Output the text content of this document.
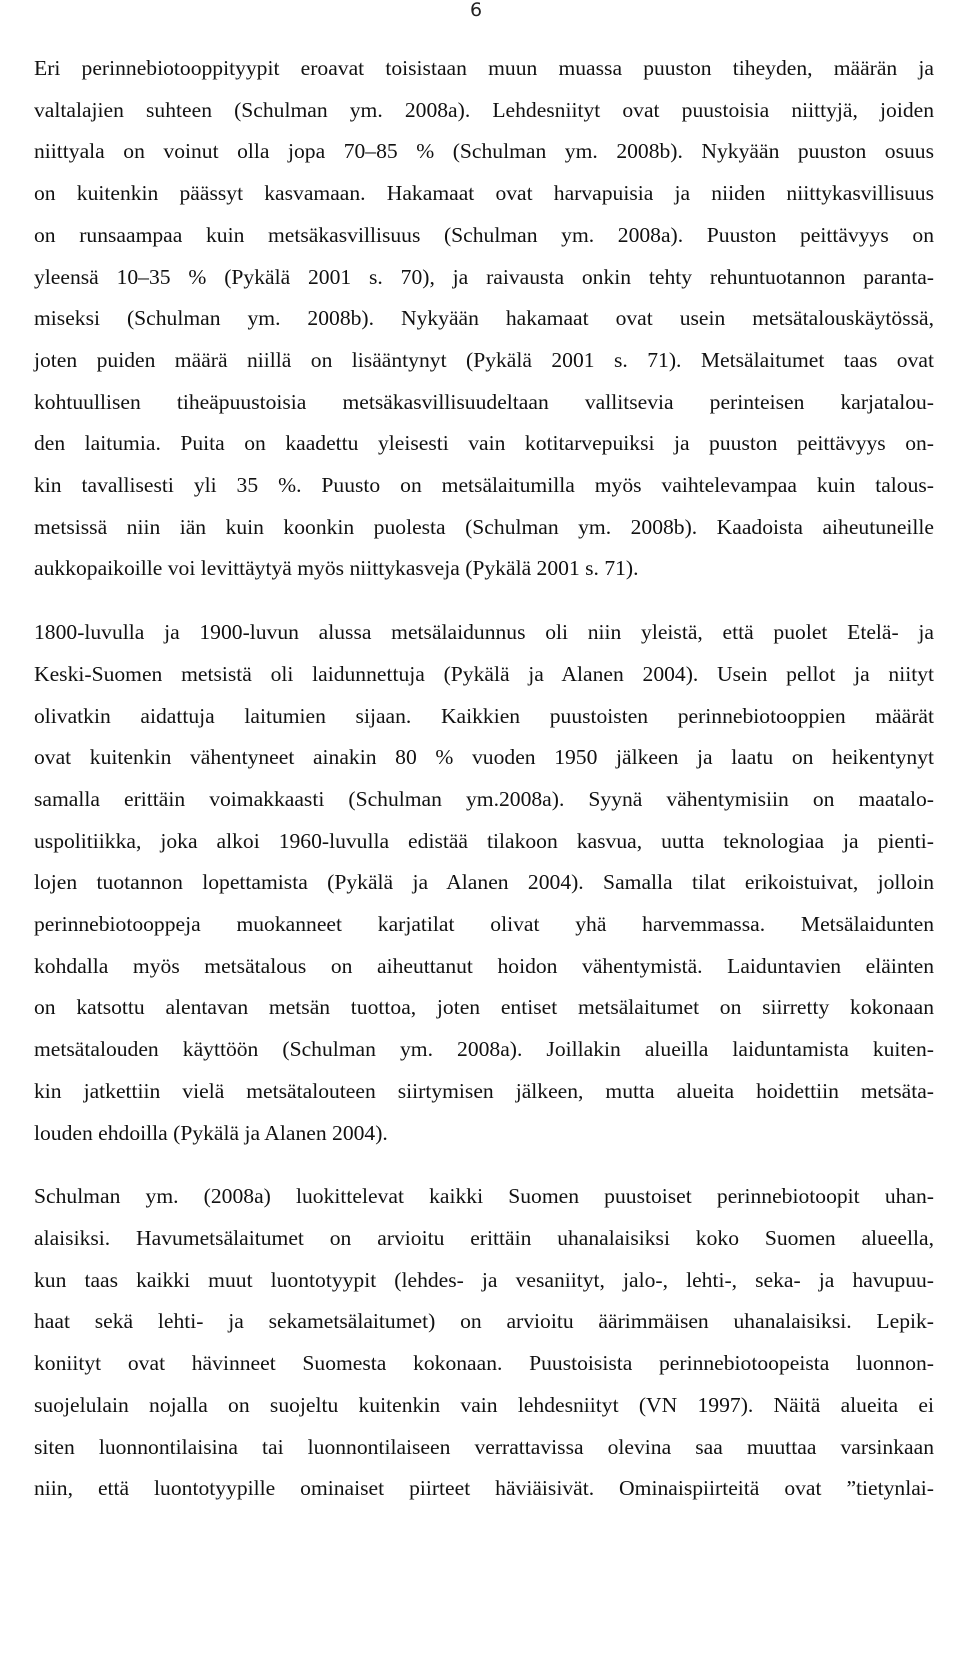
6

Eri perinnebiotooppityypit eroavat toisistaan muun muassa puuston tiheyden, määrän ja
valtalajien suhteen (Schulman ym. 2008a). Lehdesniityt ovat puustoisia niittyjä, joiden
niittyala on voinut olla jopa 70–85 % (Schulman ym. 2008b). Nykyään puuston osuus
on kuitenkin päässyt kasvamaan. Hakamaat ovat harvapuisia ja niiden niittykasvillisuus
on runsaampaa kuin metsäkasvillisuus (Schulman ym. 2008a). Puuston peittävyys on
yleensä 10–35 % (Pykälä 2001 s. 70), ja raivausta onkin tehty rehuntuotannon paranta-
miseksi (Schulman ym. 2008b). Nykyään hakamaat ovat usein metsätalouskäytössä,
joten puiden määrä niillä on lisääntynyt (Pykälä 2001 s. 71). Metsälaitumet taas ovat
kohtuullisen tiheäpuustoisia metsäkasvillisuudeltaan vallitsevia perinteisen karjatalou-
den laitumia. Puita on kaadettu yleisesti vain kotitarvepuiksi ja puuston peittävyys on-
kin tavallisesti yli 35 %. Puusto on metsälaitumilla myös vaihtelevampaa kuin talous-
metsissä niin iän kuin koonkin puolesta (Schulman ym. 2008b). Kaadoista aiheutuneille
aukkopaikoille voi levittäytyä myös niittykasveja (Pykälä 2001 s. 71).

1800-luvulla ja 1900-luvun alussa metsälaidunnus oli niin yleistä, että puolet Etelä- ja
Keski-Suomen metsistä oli laidunnettuja (Pykälä ja Alanen 2004). Usein pellot ja niityt
olivatkin aidattuja laitumien sijaan. Kaikkien puustoisten perinnebiotooppien määrät
ovat kuitenkin vähentyneet ainakin 80 % vuoden 1950 jälkeen ja laatu on heikentynyt
samalla erittäin voimakkaasti (Schulman ym.2008a). Syynä vähentymisiin on maatalo-
uspolitiikka, joka alkoi 1960-luvulla edistää tilakoon kasvua, uutta teknologiaa ja pienti-
lojen tuotannon lopettamista (Pykälä ja Alanen 2004). Samalla tilat erikoistuivat, jolloin
perinnebiotooppeja muokanneet karjatilat olivat yhä harvemmassa. Metsälaidunten
kohdalla myös metsätalous on aiheuttanut hoidon vähentymistä. Laiduntavien eläinten
on katsottu alentavan metsän tuottoa, joten entiset metsälaitumet on siirretty kokonaan
metsätalouden käyttöön (Schulman ym. 2008a). Joillakin alueilla laiduntamista kuiten-
kin jatkettiin vielä metsätalouteen siirtymisen jälkeen, mutta alueita hoidettiin metsäta-
louden ehdoilla (Pykälä ja Alanen 2004).

Schulman ym. (2008a) luokittelevat kaikki Suomen puustoiset perinnebiotoopit uhan-
alaisiksi. Havumetsälaitumet on arvioitu erittäin uhanalaisiksi koko Suomen alueella,
kun taas kaikki muut luontotyypit (lehdes- ja vesaniityt, jalo-, lehti-, seka- ja havupuu-
haat sekä lehti- ja sekametsälaitumet) on arvioitu äärimmäisen uhanalaisiksi. Lepik-
koniityt ovat hävinneet Suomesta kokonaan. Puustoisista perinnebiotoopeista luonnon-
suojelulain nojalla on suojeltu kuitenkin vain lehdesniityt (VN 1997). Näitä alueita ei
siten luonnontilaisina tai luonnontilaiseen verrattavissa olevina saa muuttaa varsinkaan
niin, että luontotyypille ominaiset piirteet häviäisivät. Ominaispiirteitä ovat ”tietynlai-
